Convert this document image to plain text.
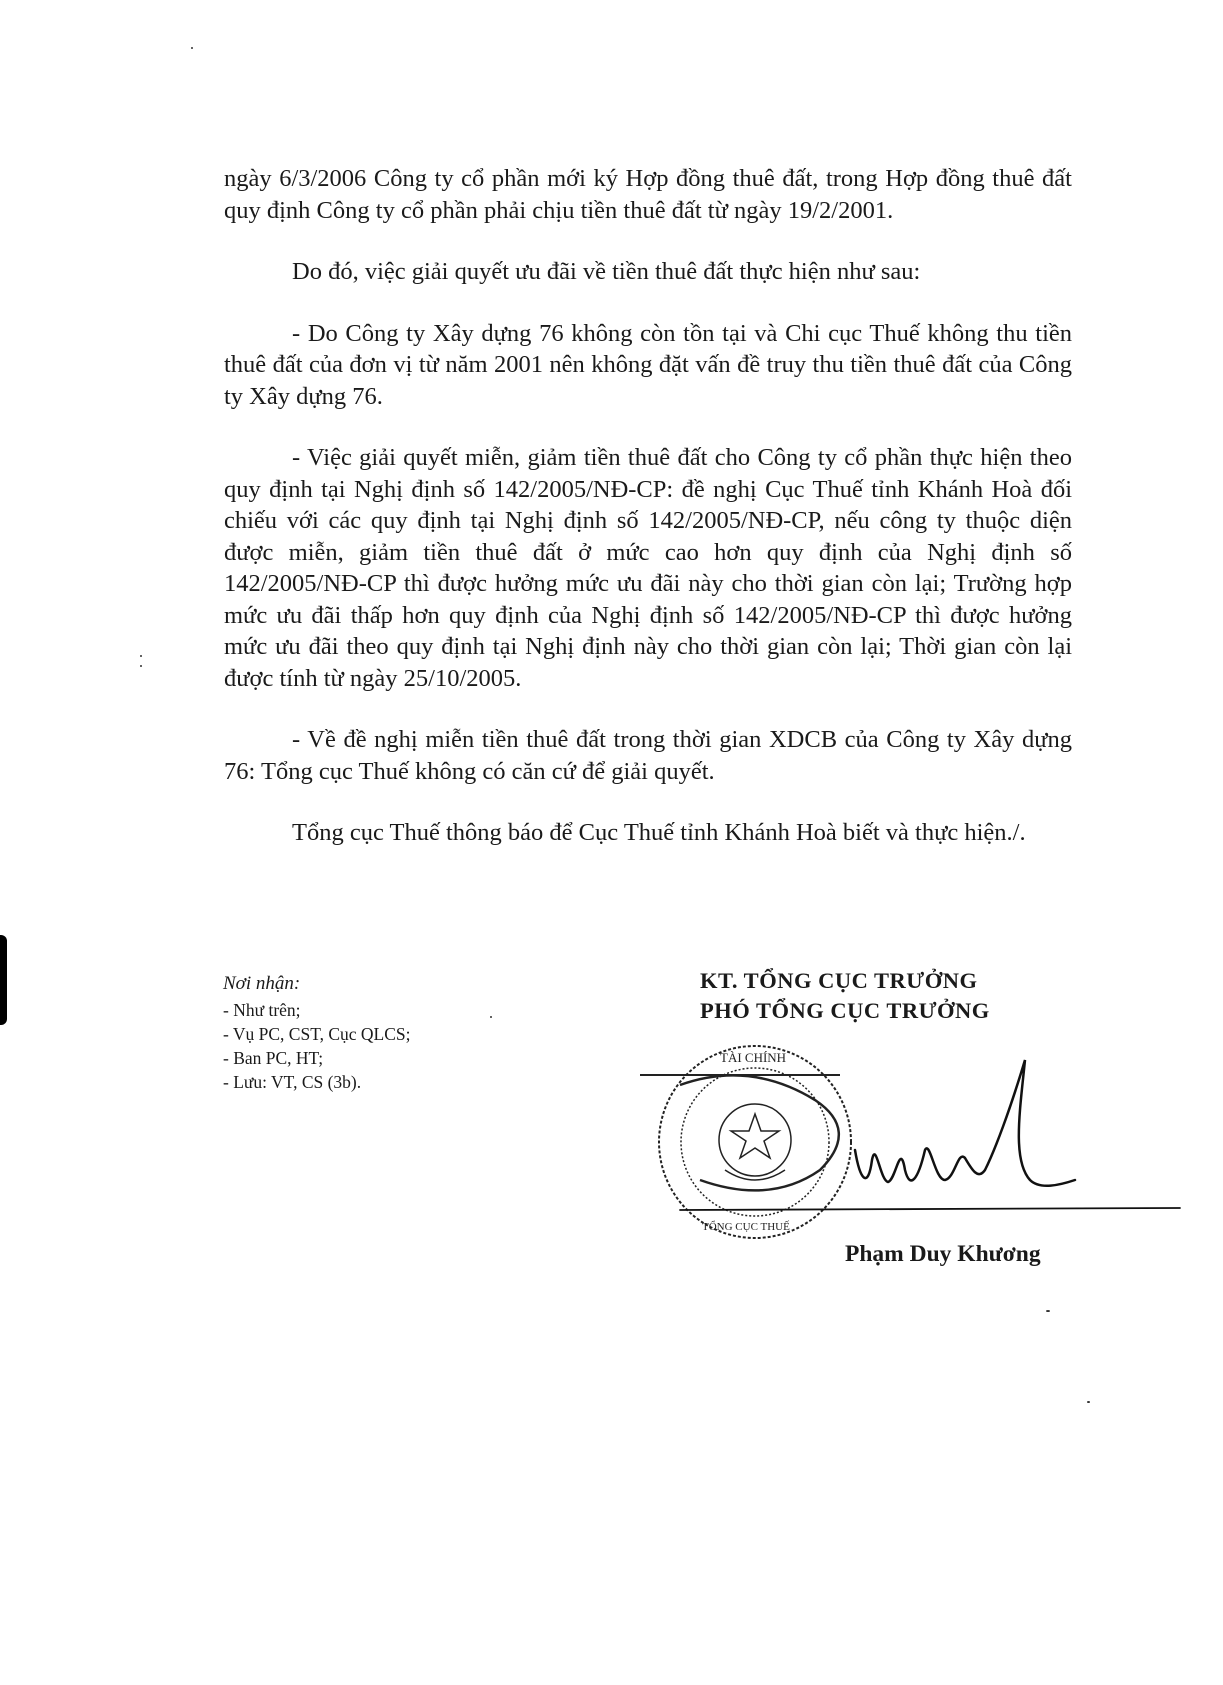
ngày 6/3/2006 Công ty cổ phần mới ký Hợp đồng thuê đất, trong Hợp đồng thuê đất quy định Công ty cổ phần phải chịu tiền thuê đất từ ngày 19/2/2001.

Do đó, việc giải quyết ưu đãi về tiền thuê đất thực hiện như sau:

- Do Công ty Xây dựng 76 không còn tồn tại và Chi cục Thuế không thu tiền thuê đất của đơn vị từ năm 2001 nên không đặt vấn đề truy thu tiền thuê đất của Công ty Xây dựng 76.

- Việc giải quyết miễn, giảm tiền thuê đất cho Công ty cổ phần thực hiện theo quy định tại Nghị định số 142/2005/NĐ-CP: đề nghị Cục Thuế tỉnh Khánh Hoà đối chiếu với các quy định tại Nghị định số 142/2005/NĐ-CP, nếu công ty thuộc diện được miễn, giảm tiền thuê đất ở mức cao hơn quy định của Nghị định số 142/2005/NĐ-CP thì được hưởng mức ưu đãi này cho thời gian còn lại; Trường hợp mức ưu đãi thấp hơn quy định của Nghị định số 142/2005/NĐ-CP thì được hưởng mức ưu đãi theo quy định tại Nghị định này cho thời gian còn lại; Thời gian còn lại được tính từ ngày 25/10/2005.

- Về đề nghị miễn tiền thuê đất trong thời gian XDCB của Công ty Xây dựng 76: Tổng cục Thuế không có căn cứ để giải quyết.

Tổng cục Thuế thông báo để Cục Thuế tỉnh Khánh Hoà biết và thực hiện./.

Nơi nhận:
- Như trên;
- Vụ PC, CST, Cục QLCS;
- Ban PC, HT;
- Lưu: VT, CS (3b).
KT. TỔNG CỤC TRƯỞNG
PHÓ TỔNG CỤC TRƯỞNG
TÀI CHÍNH
TỔNG CỤC THUẾ
Phạm Duy Khương
